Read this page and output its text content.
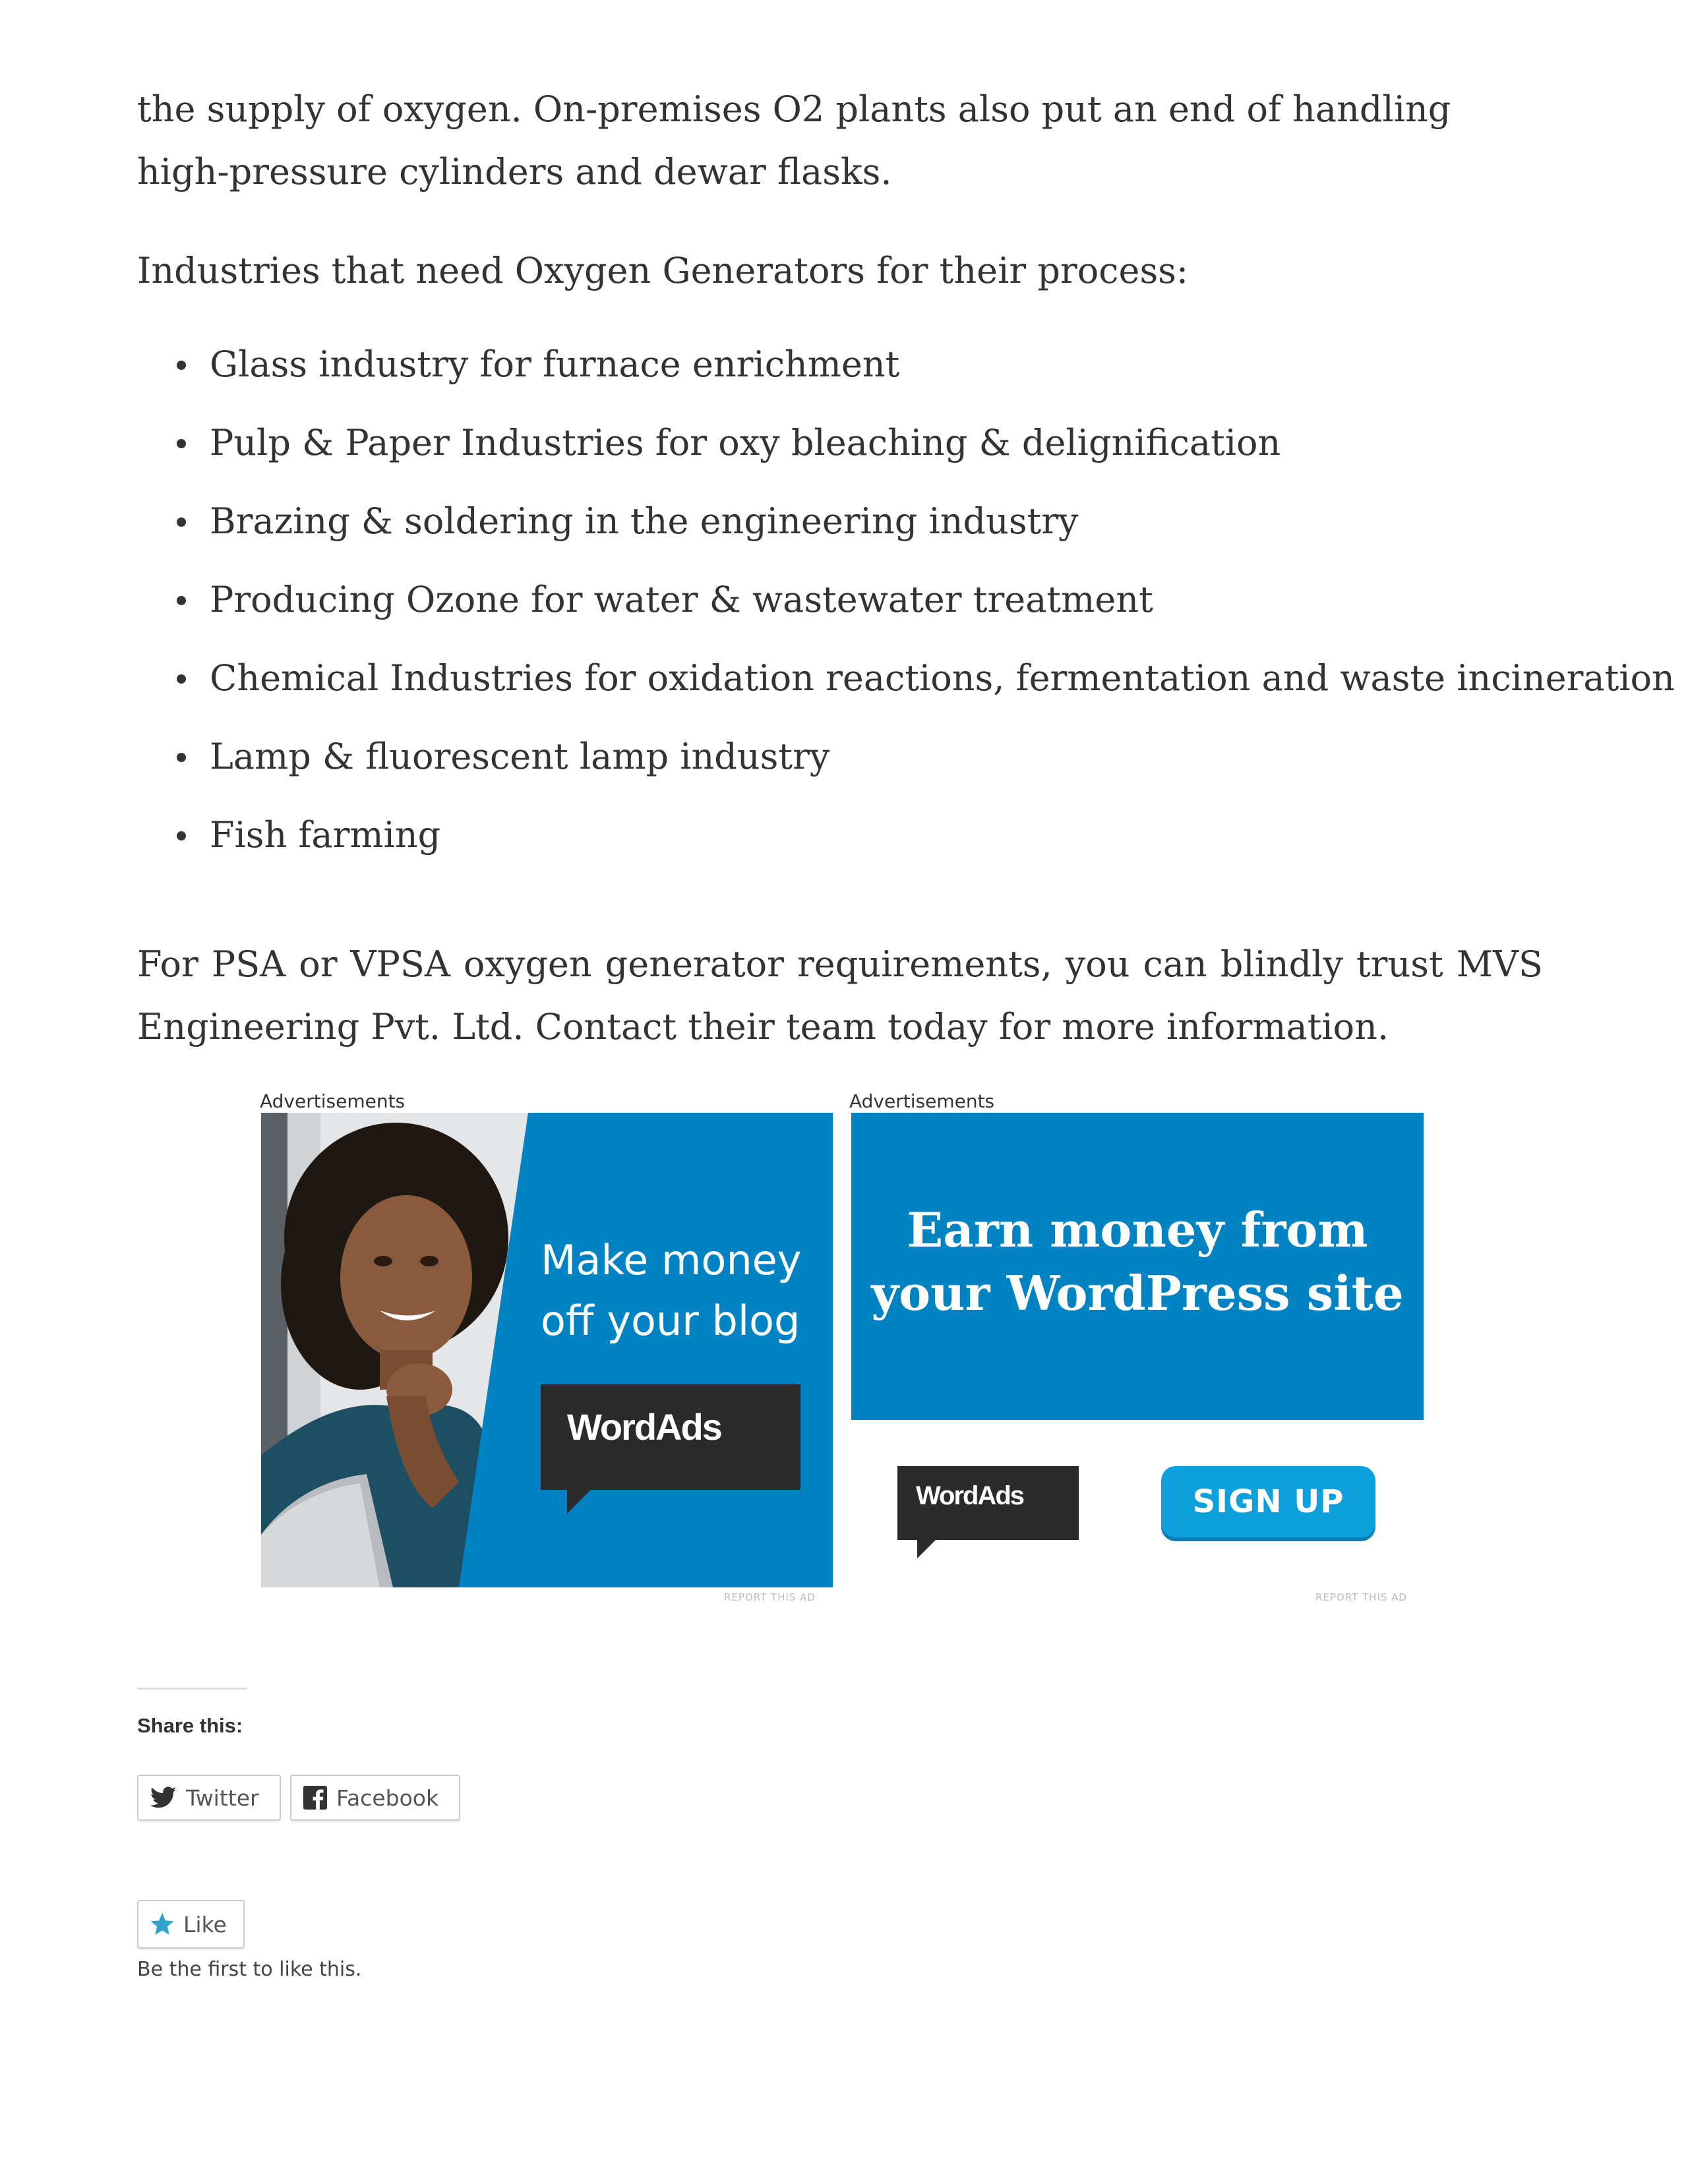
the supply of oxygen. On-premises O2 plants also put an end of handling high-pressure cylinders and dewar flasks.

Industries that need Oxygen Generators for their process:

Glass industry for furnace enrichment
Pulp & Paper Industries for oxy bleaching & delignification
Brazing & soldering in the engineering industry
Producing Ozone for water & wastewater treatment
Chemical Industries for oxidation reactions, fermentation and waste incineration
Lamp & fluorescent lamp industry
Fish farming

For PSA or VPSA oxygen generator requirements, you can blindly trust MVS Engineering Pvt. Ltd. Contact their team today for more information.

Advertisements
Make money
off your blog
WordAds
REPORT THIS AD
Advertisements
Earn money from
your WordPress site
WordAds	SIGN UP
REPORT THIS AD
Share this:
Twitter	Facebook
Like
Be the first to like this.
